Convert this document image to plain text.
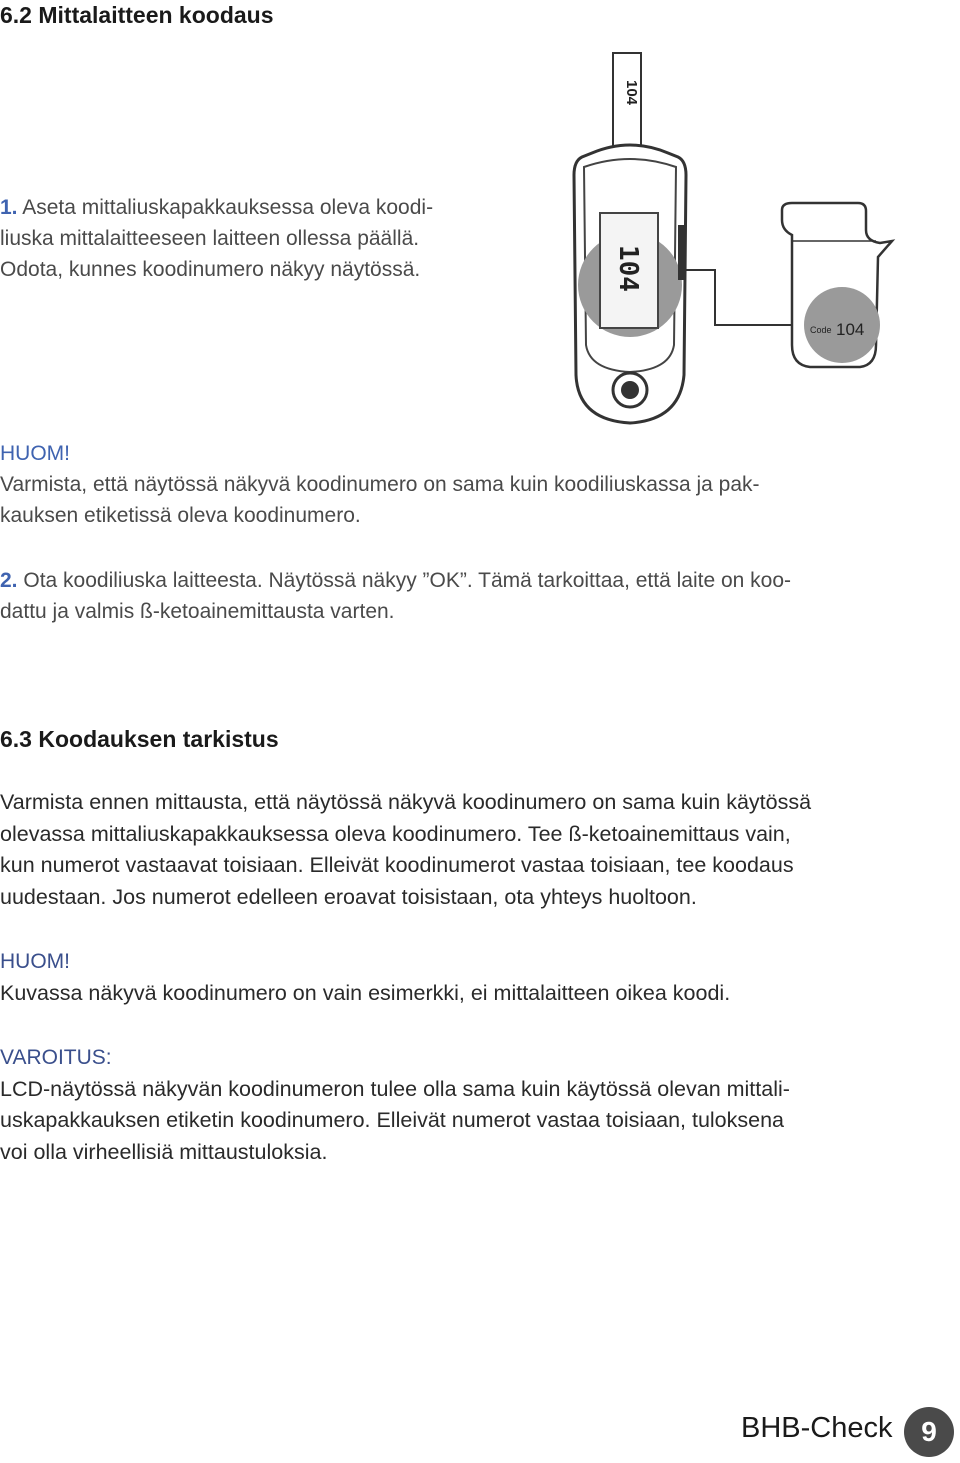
6.2 Mittalaitteen koodaus
1. Aseta mittaliuskapakkauksessa oleva koodi-
liuska mittalaitteeseen laitteen ollessa päällä.
Odota, kunnes koodinumero näkyy näytössä.
104
104
Code 104
HUOM!
Varmista, että näytössä näkyvä koodinumero on sama kuin koodiliuskassa ja pak-
kauksen etiketissä oleva koodinumero.
2. Ota koodiliuska laitteesta. Näytössä näkyy ”OK”. Tämä tarkoittaa, että laite on koo-
dattu ja valmis ß-ketoainemittausta varten.
6.3 Koodauksen tarkistus
Varmista ennen mittausta, että näytössä näkyvä koodinumero on sama kuin käytössä
olevassa mittaliuskapakkauksessa oleva koodinumero. Tee ß-ketoainemittaus vain,
kun numerot vastaavat toisiaan. Elleivät koodinumerot vastaa toisiaan, tee koodaus
uudestaan. Jos numerot edelleen eroavat toisistaan, ota yhteys huoltoon.
HUOM!
Kuvassa näkyvä koodinumero on vain esimerkki, ei mittalaitteen oikea koodi.
VAROITUS:
LCD-näytössä näkyvän koodinumeron tulee olla sama kuin käytössä olevan mittali-
uskapakkauksen etiketin koodinumero. Elleivät numerot vastaa toisiaan, tuloksena
voi olla virheellisiä mittaustuloksia.
BHB-Check	9
